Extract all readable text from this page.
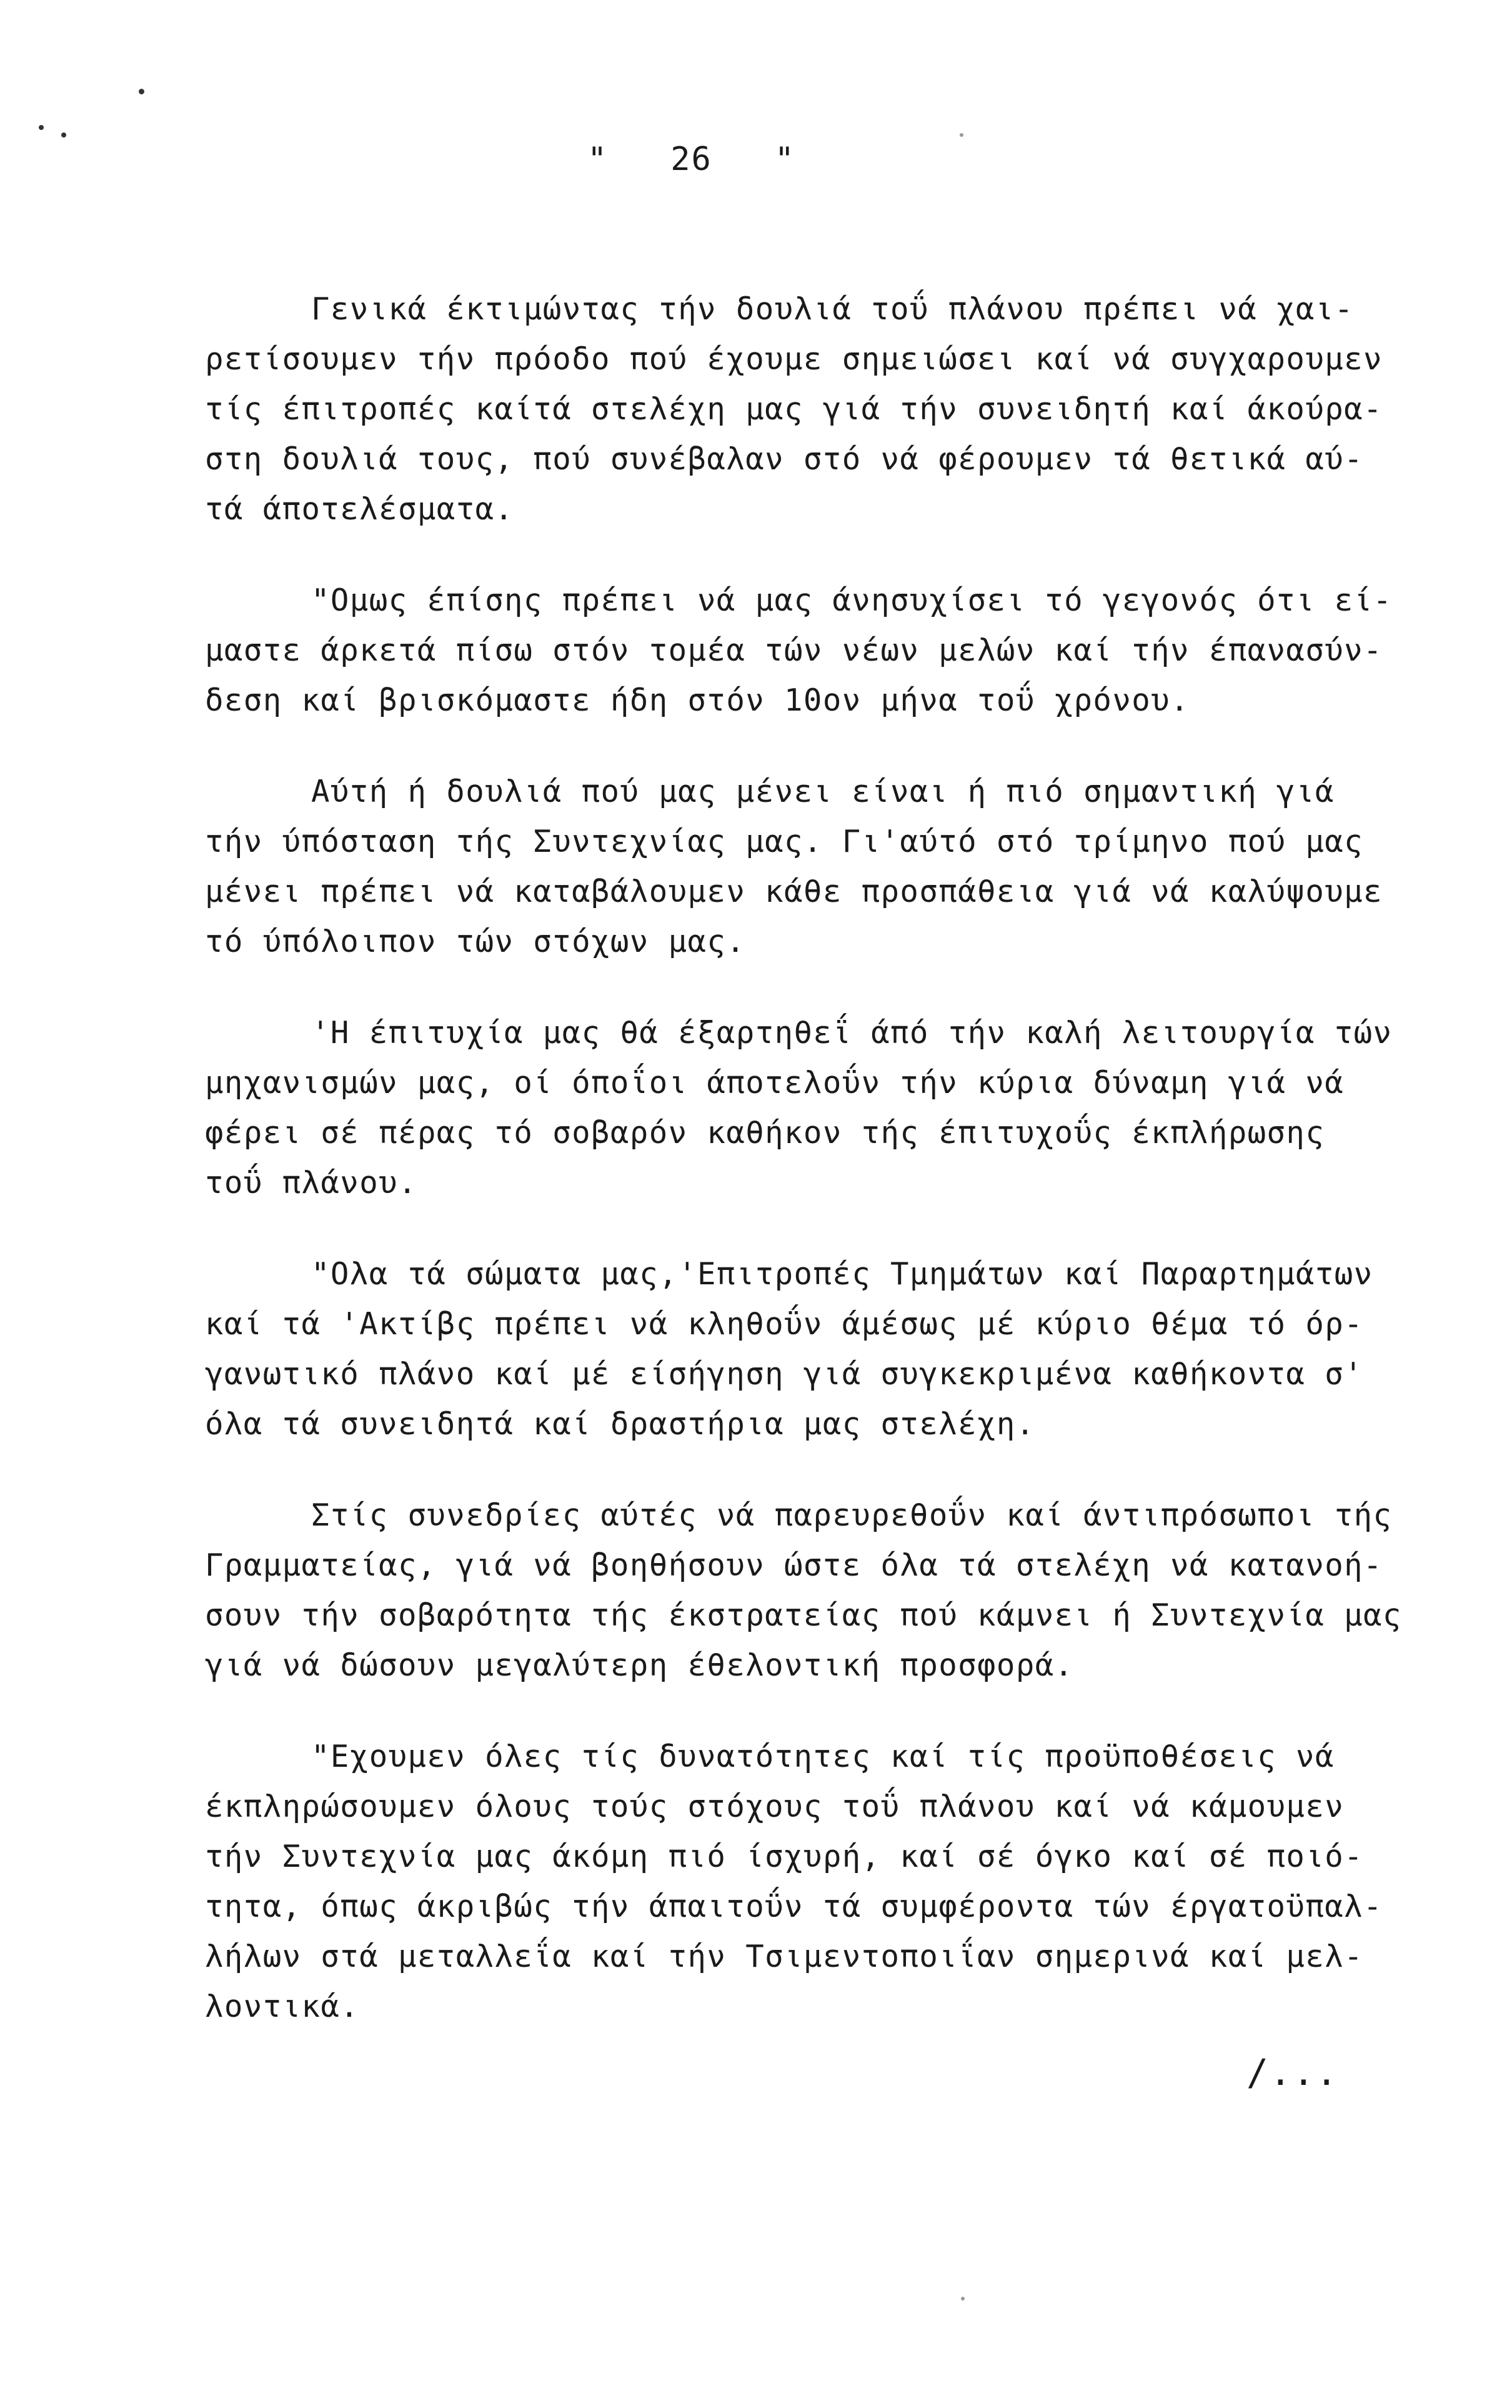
"   26   "
Γενικά έκτιμώντας τήν δουλιά τοΰ πλάνου πρέπει νά χαι-
ρετίσουμεν τήν πρόοδο πού έχουμε σημειώσει καί νά συγχαρουμεν
τίς έπιτροπές καίτά στελέχη μας γιά τήν συνειδητή καί άκούρα-
στη δουλιά τους, πού συνέβαλαν στό νά φέρουμεν τά θετικά αύ-
τά άποτελέσματα.
"Ομως έπίσης πρέπει νά μας άνησυχίσει τό γεγονός ότι εί-
μαστε άρκετά πίσω στόν τομέα τών νέων μελών καί τήν έπανασύν-
δεση καί βρισκόμαστε ήδη στόν 10ον μήνα τοΰ χρόνου.
Αύτή ή δουλιά πού μας μένει είναι ή πιό σημαντική γιά
τήν ύπόσταση τής Συντεχνίας μας. Γι'αύτό στό τρίμηνο πού μας
μένει πρέπει νά καταβάλουμεν κάθε προσπάθεια γιά νά καλύψουμε
τό ύπόλοιπον τών στόχων μας.
'Η έπιτυχία μας θά έξαρτηθεΐ άπό τήν καλή λειτουργία τών
μηχανισμών μας, οί όποΐοι άποτελοΰν τήν κύρια δύναμη γιά νά
φέρει σέ πέρας τό σοβαρόν καθήκον τής έπιτυχοΰς έκπλήρωσης
τοΰ πλάνου.
"Ολα τά σώματα μας,'Επιτροπές Τμημάτων καί Παραρτημάτων
καί τά 'Ακτίβς πρέπει νά κληθοΰν άμέσως μέ κύριο θέμα τό όρ-
γανωτικό πλάνο καί μέ είσήγηση γιά συγκεκριμένα καθήκοντα σ'
όλα τά συνειδητά καί δραστήρια μας στελέχη.
Στίς συνεδρίες αύτές νά παρευρεθοΰν καί άντιπρόσωποι τής
Γραμματείας, γιά νά βοηθήσουν ώστε όλα τά στελέχη νά κατανοή-
σουν τήν σοβαρότητα τής έκστρατείας πού κάμνει ή Συντεχνία μας
γιά νά δώσουν μεγαλύτερη έθελοντική προσφορά.
"Εχουμεν όλες τίς δυνατότητες καί τίς προϋποθέσεις νά
έκπληρώσουμεν όλους τούς στόχους τοΰ πλάνου καί νά κάμουμεν
τήν Συντεχνία μας άκόμη πιό ίσχυρή, καί σέ όγκο καί σέ ποιό-
τητα, όπως άκριβώς τήν άπαιτοΰν τά συμφέροντα τών έργατοϋπαλ-
λήλων στά μεταλλεΐα καί τήν Τσιμεντοποιΐαν σημερινά καί μελ-
λοντικά.
/...
